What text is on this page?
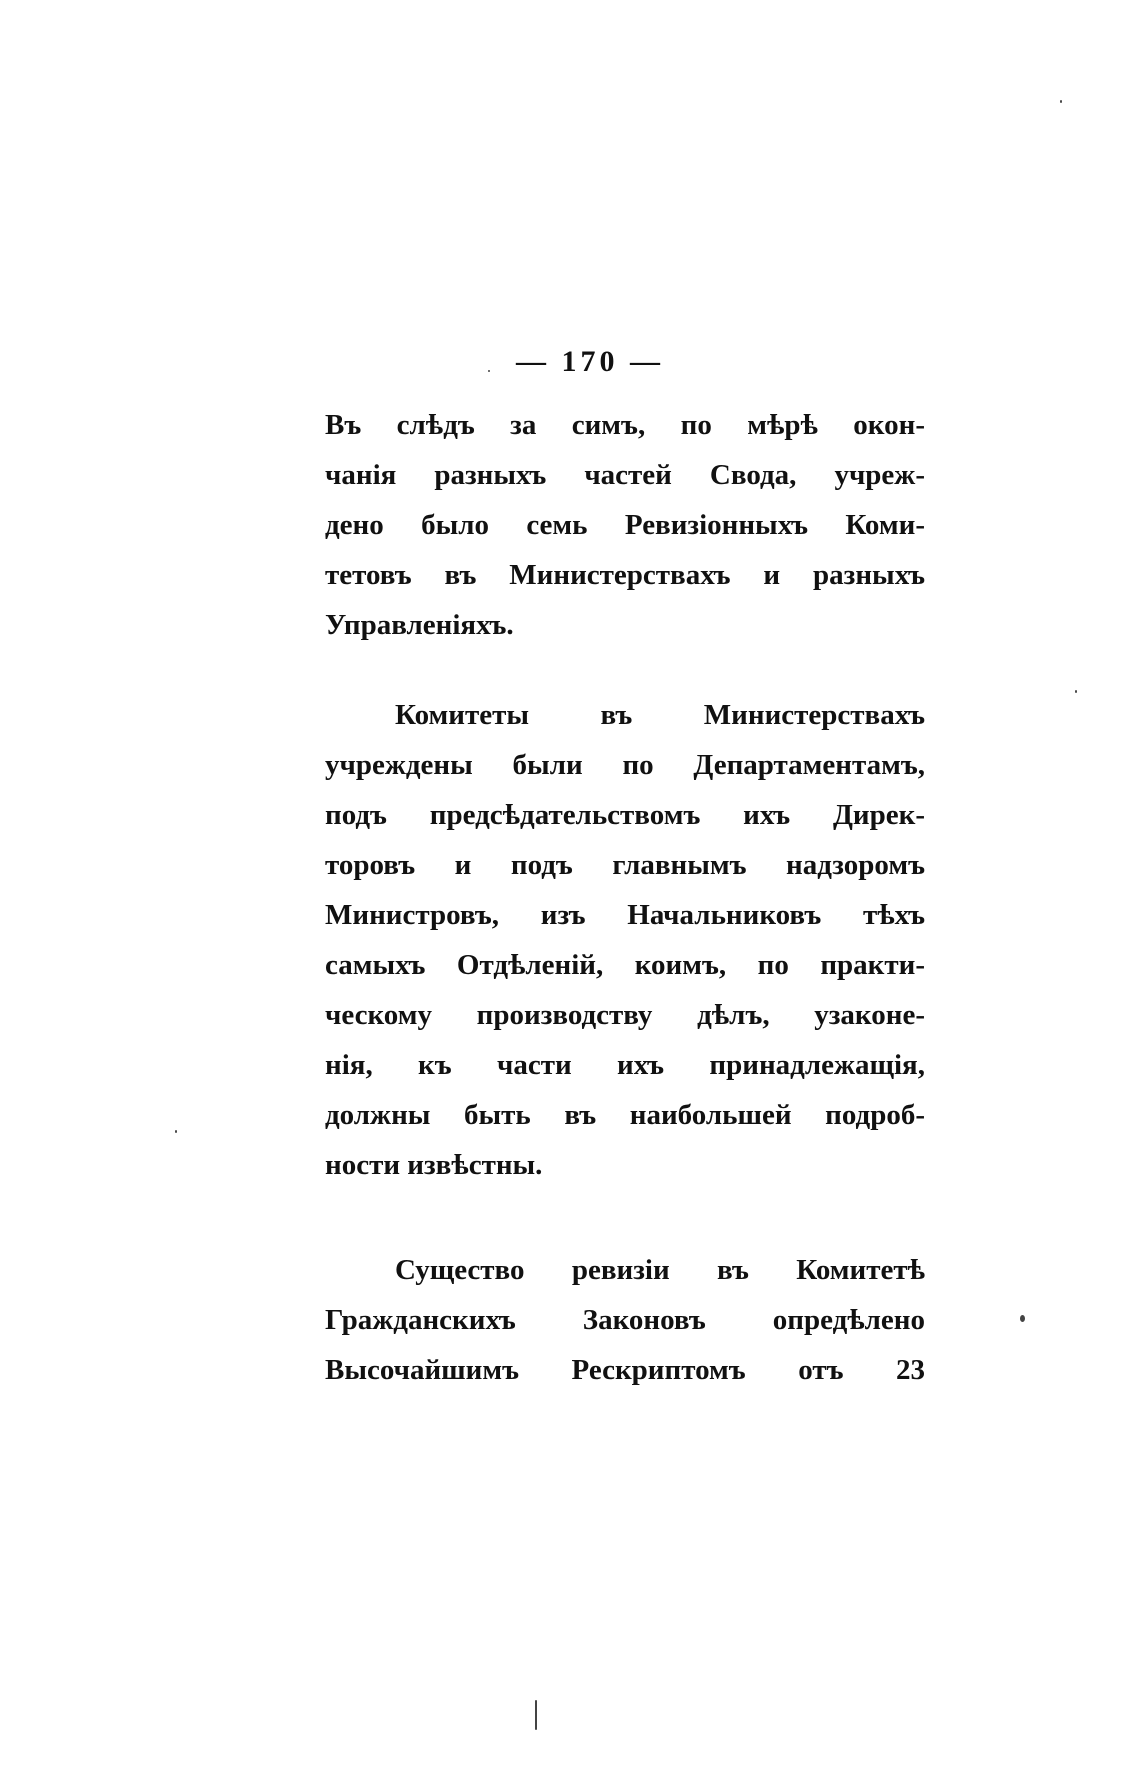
— 170 —
Въ слѣдъ за симъ, по мѣрѣ окон-
чанія разныхъ частей Свода, учреж-
дено было семь Ревизіонныхъ Коми-
тетовъ въ Министерствахъ и разныхъ
Управленіяхъ.
Комитеты въ Министерствахъ
учреждены были по Департаментамъ,
подъ предсѣдательствомъ ихъ Дирек-
торовъ и подъ главнымъ надзоромъ
Министровъ, изъ Начальниковъ тѣхъ
самыхъ Отдѣленій, коимъ, по практи-
ческому производству дѣлъ, узаконе-
нія, къ части ихъ принадлежащія,
должны быть въ наибольшей подроб-
ности извѣстны.
Существо ревизіи въ Комитетѣ
Гражданскихъ Законовъ опредѣлено
Высочайшимъ Рескриптомъ отъ 23
